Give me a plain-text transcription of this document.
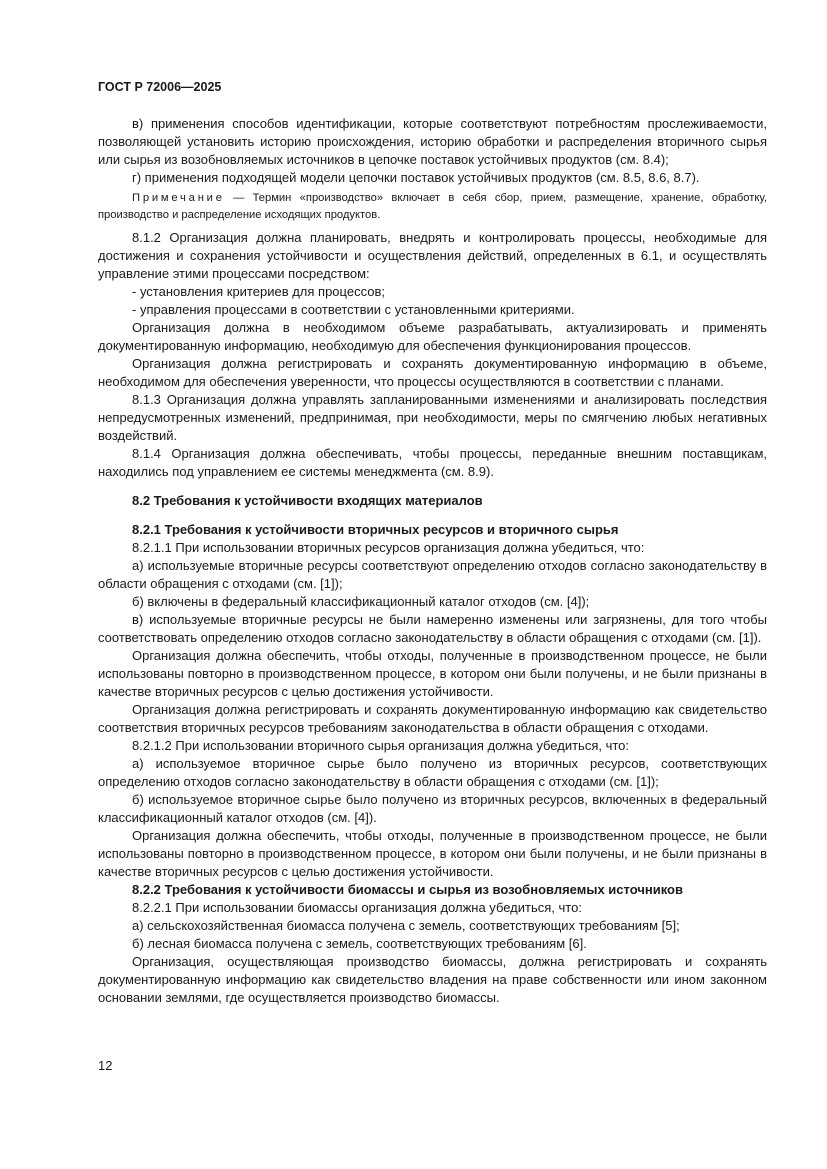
ГОСТ Р 72006—2025

в) применения способов идентификации, которые соответствуют потребностям прослеживаемости, позволяющей установить историю происхождения, историю обработки и распределения вторичного сырья или сырья из возобновляемых источников в цепочке поставок устойчивых продуктов (см. 8.4);

г) применения подходящей модели цепочки поставок устойчивых продуктов (см. 8.5, 8.6, 8.7).

Примечание — Термин «производство» включает в себя сбор, прием, размещение, хранение, обработку, производство и распределение исходящих продуктов.

8.1.2 Организация должна планировать, внедрять и контролировать процессы, необходимые для достижения и сохранения устойчивости и осуществления действий, определенных в 6.1, и осуществлять управление этими процессами посредством:

- установления критериев для процессов;

- управления процессами в соответствии с установленными критериями.

Организация должна в необходимом объеме разрабатывать, актуализировать и применять документированную информацию, необходимую для обеспечения функционирования процессов.

Организация должна регистрировать и сохранять документированную информацию в объеме, необходимом для обеспечения уверенности, что процессы осуществляются в соответствии с планами.

8.1.3 Организация должна управлять запланированными изменениями и анализировать последствия непредусмотренных изменений, предпринимая, при необходимости, меры по смягчению любых негативных воздействий.

8.1.4 Организация должна обеспечивать, чтобы процессы, переданные внешним поставщикам, находились под управлением ее системы менеджмента (см. 8.9).

8.2 Требования к устойчивости входящих материалов

8.2.1 Требования к устойчивости вторичных ресурсов и вторичного сырья

8.2.1.1 При использовании вторичных ресурсов организация должна убедиться, что:

а) используемые вторичные ресурсы соответствуют определению отходов согласно законодательству в области обращения с отходами (см. [1]);

б) включены в федеральный классификационный каталог отходов (см. [4]);

в) используемые вторичные ресурсы не были намеренно изменены или загрязнены, для того чтобы соответствовать определению отходов согласно законодательству в области обращения с отходами (см. [1]).

Организация должна обеспечить, чтобы отходы, полученные в производственном процессе, не были использованы повторно в производственном процессе, в котором они были получены, и не были признаны в качестве вторичных ресурсов с целью достижения устойчивости.

Организация должна регистрировать и сохранять документированную информацию как свидетельство соответствия вторичных ресурсов требованиям законодательства в области обращения с отходами.

8.2.1.2 При использовании вторичного сырья организация должна убедиться, что:

а) используемое вторичное сырье было получено из вторичных ресурсов, соответствующих определению отходов согласно законодательству в области обращения с отходами (см. [1]);

б) используемое вторичное сырье было получено из вторичных ресурсов, включенных в федеральный классификационный каталог отходов (см. [4]).

Организация должна обеспечить, чтобы отходы, полученные в производственном процессе, не были использованы повторно в производственном процессе, в котором они были получены, и не были признаны в качестве вторичных ресурсов с целью достижения устойчивости.

8.2.2 Требования к устойчивости биомассы и сырья из возобновляемых источников

8.2.2.1 При использовании биомассы организация должна убедиться, что:

а) сельскохозяйственная биомасса получена с земель, соответствующих требованиям [5];

б) лесная биомасса получена с земель, соответствующих требованиям [6].

Организация, осуществляющая производство биомассы, должна регистрировать и сохранять документированную информацию как свидетельство владения на праве собственности или ином законном основании землями, где осуществляется производство биомассы.

12
